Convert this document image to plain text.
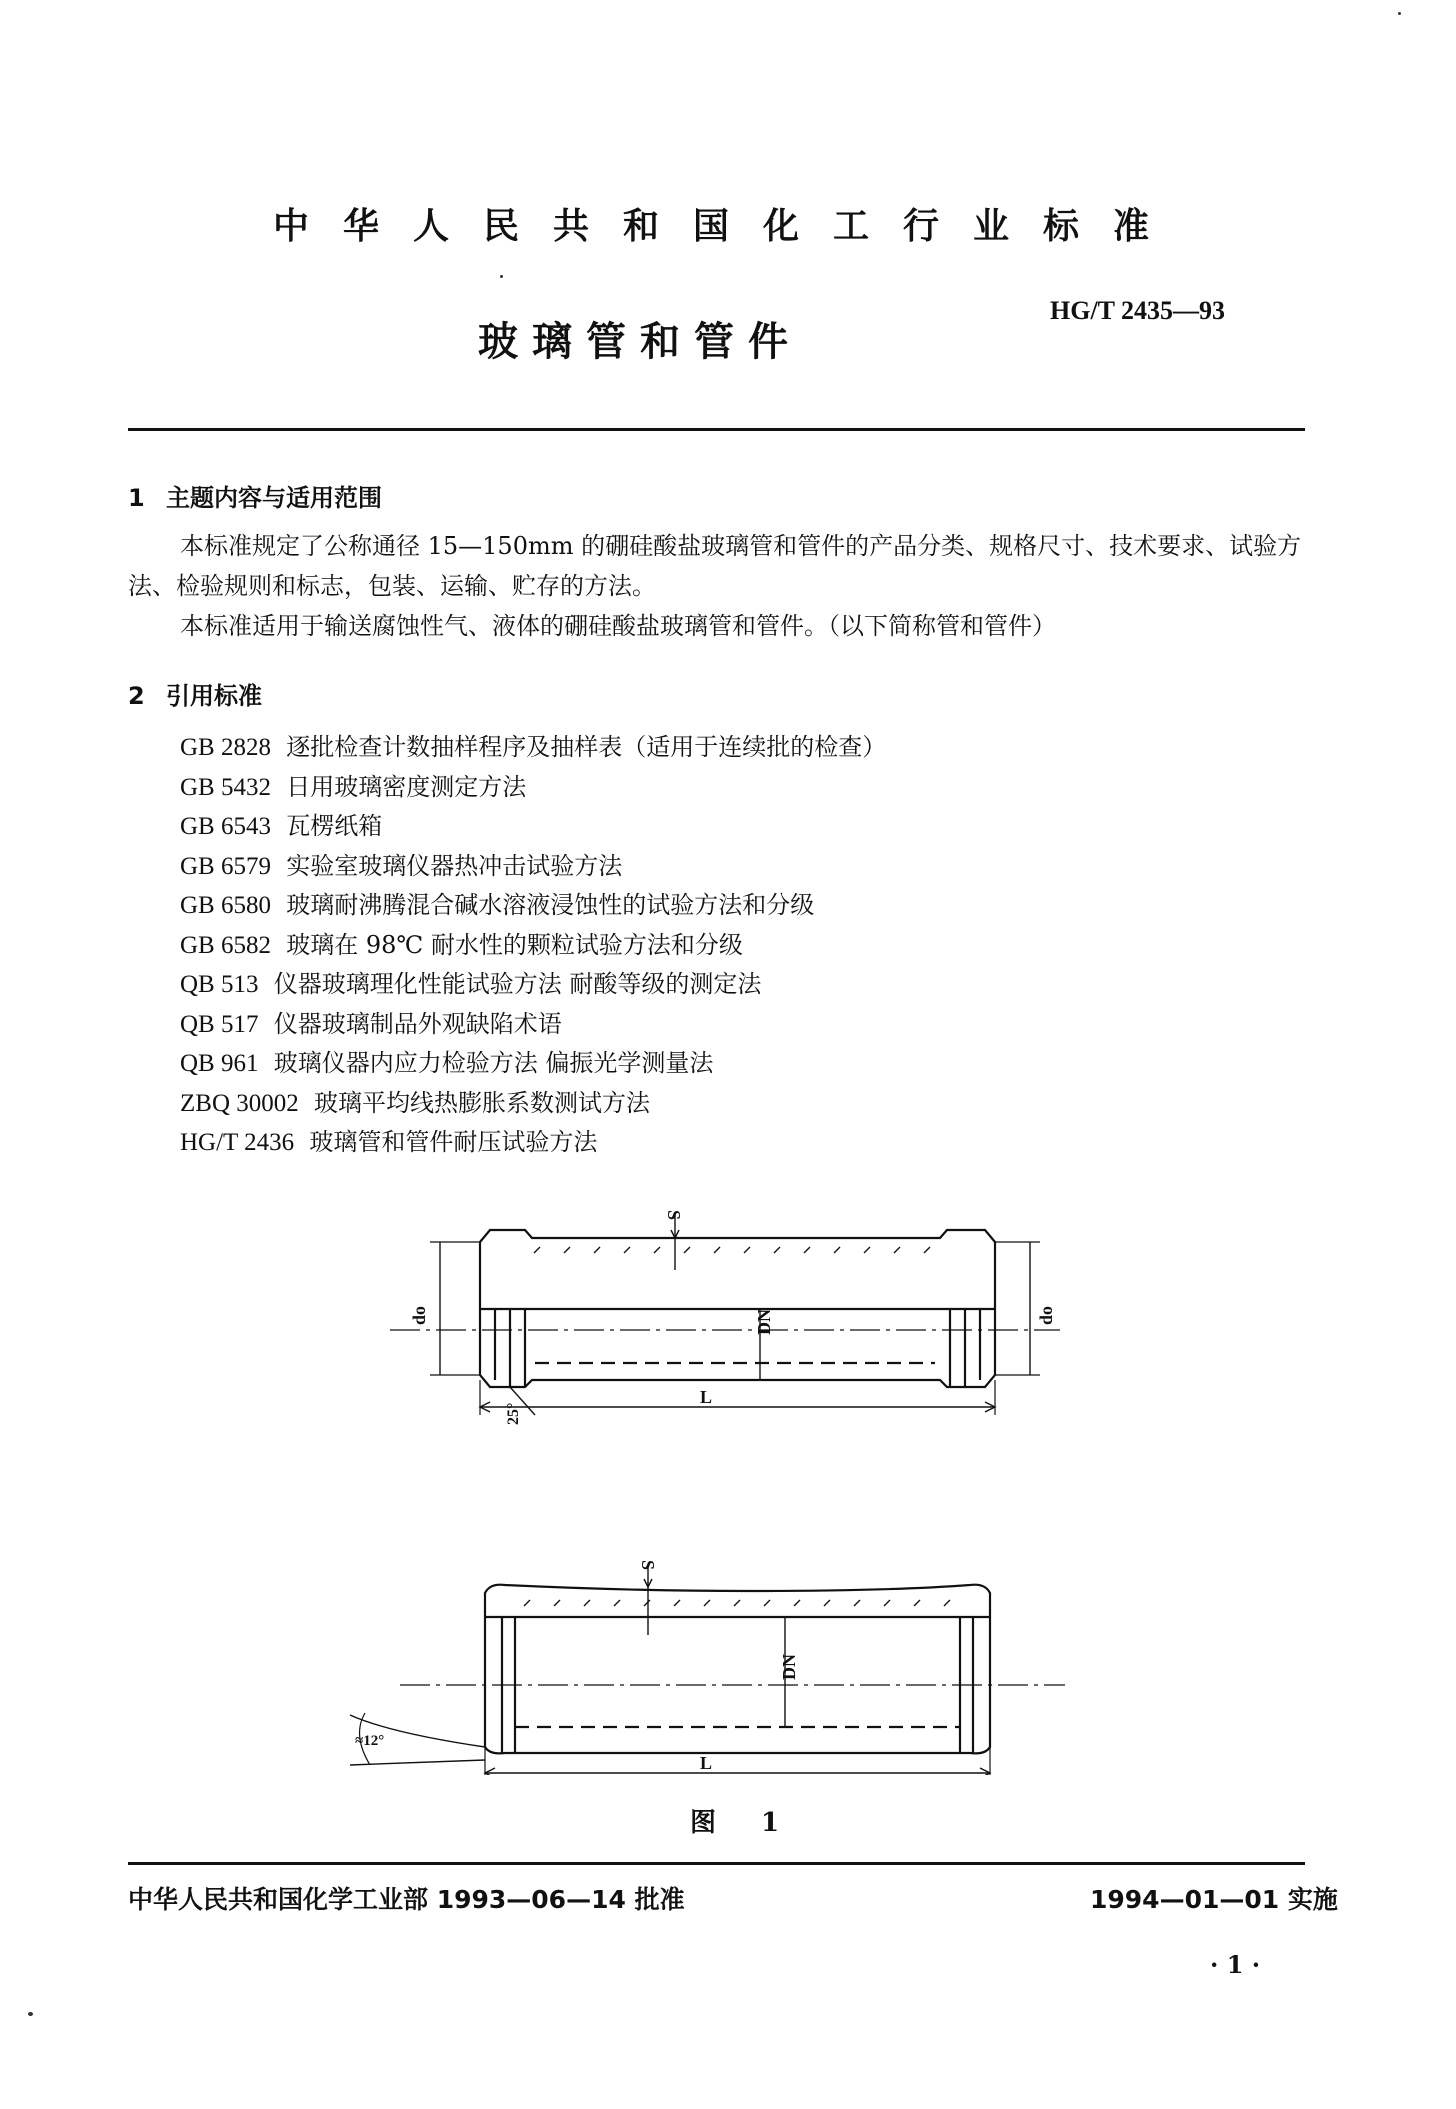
中华人民共和国化工行业标准
玻璃管和管件
HG/T 2435—93
1 主题内容与适用范围

本标准规定了公称通径 15—150mm 的硼硅酸盐玻璃管和管件的产品分类、规格尺寸、技术要求、试验方法、检验规则和标志，包装、运输、贮存的方法。

本标准适用于输送腐蚀性气、液体的硼硅酸盐玻璃管和管件。（以下简称管和管件）

2 引用标准
GB 2828 逐批检查计数抽样程序及抽样表（适用于连续批的检查）
GB 5432 日用玻璃密度测定方法
GB 6543 瓦楞纸箱
GB 6579 实验室玻璃仪器热冲击试验方法
GB 6580 玻璃耐沸腾混合碱水溶液浸蚀性的试验方法和分级
GB 6582 玻璃在 98℃ 耐水性的颗粒试验方法和分级
QB 513 仪器玻璃理化性能试验方法 耐酸等级的测定法
QB 517 仪器玻璃制品外观缺陷术语
QB 961 玻璃仪器内应力检验方法 偏振光学测量法
ZBQ 30002 玻璃平均线热膨胀系数测试方法
HG/T 2436 玻璃管和管件耐压试验方法
S
do	do
DN
L
25°
S
DN
L
≈12°
图 1
中华人民共和国化学工业部 1993—06—14 批准	1994—01—01 实施
· 1 ·
